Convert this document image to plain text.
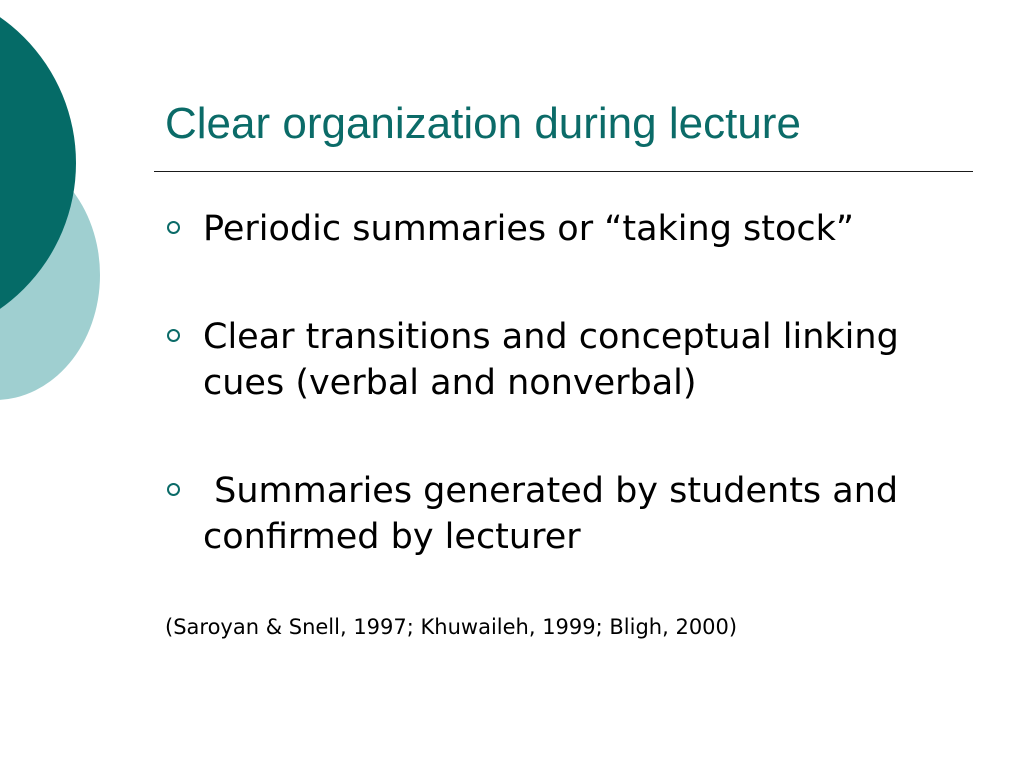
Clear organization during lecture
Periodic summaries or “taking stock”
Clear transitions and conceptual linking cues (verbal and nonverbal)
Summaries generated by students and confirmed by lecturer

(Saroyan & Snell, 1997; Khuwaileh, 1999; Bligh, 2000)
